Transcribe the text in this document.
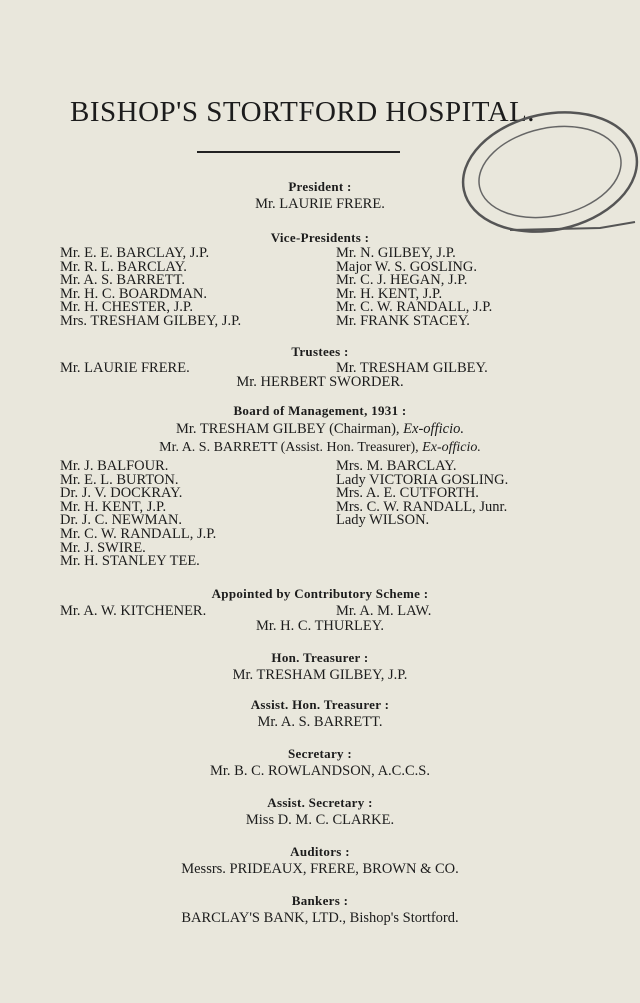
BISHOP'S STORTFORD HOSPITAL.
President :
Mr. LAURIE FRERE.
Vice-Presidents :
Mr. E. E. BARCLAY, J.P.
Mr. R. L. BARCLAY.
Mr. A. S. BARRETT.
Mr. H. C. BOARDMAN.
Mr. H. CHESTER, J.P.
Mrs. TRESHAM GILBEY, J.P.
Mr. N. GILBEY, J.P.
Major W. S. GOSLING.
Mr. C. J. HEGAN, J.P.
Mr. H. KENT, J.P.
Mr. C. W. RANDALL, J.P.
Mr. FRANK STACEY.
Trustees :
Mr. LAURIE FRERE.	Mr. TRESHAM GILBEY.
Mr. HERBERT SWORDER.
Board of Management, 1931 :
Mr. TRESHAM GILBEY (Chairman), Ex-officio.
Mr. A. S. BARRETT (Assist. Hon. Treasurer), Ex-officio.
Mr. J. BALFOUR.
Mr. E. L. BURTON.
Dr. J. V. DOCKRAY.
Mr. H. KENT, J.P.
Dr. J. C. NEWMAN.
Mr. C. W. RANDALL, J.P.
Mr. J. SWIRE.
Mr. H. STANLEY TEE.
Mrs. M. BARCLAY.
Lady VICTORIA GOSLING.
Mrs. A. E. CUTFORTH.
Mrs. C. W. RANDALL, Junr.
Lady WILSON.
Appointed by Contributory Scheme :
Mr. A. W. KITCHENER.	Mr. A. M. LAW.
Mr. H. C. THURLEY.
Hon. Treasurer :
Mr. TRESHAM GILBEY, J.P.
Assist. Hon. Treasurer :
Mr. A. S. BARRETT.
Secretary :
Mr. B. C. ROWLANDSON, A.C.C.S.
Assist. Secretary :
Miss D. M. C. CLARKE.
Auditors :
Messrs. PRIDEAUX, FRERE, BROWN & CO.
Bankers :
BARCLAY'S BANK, LTD., Bishop's Stortford.
